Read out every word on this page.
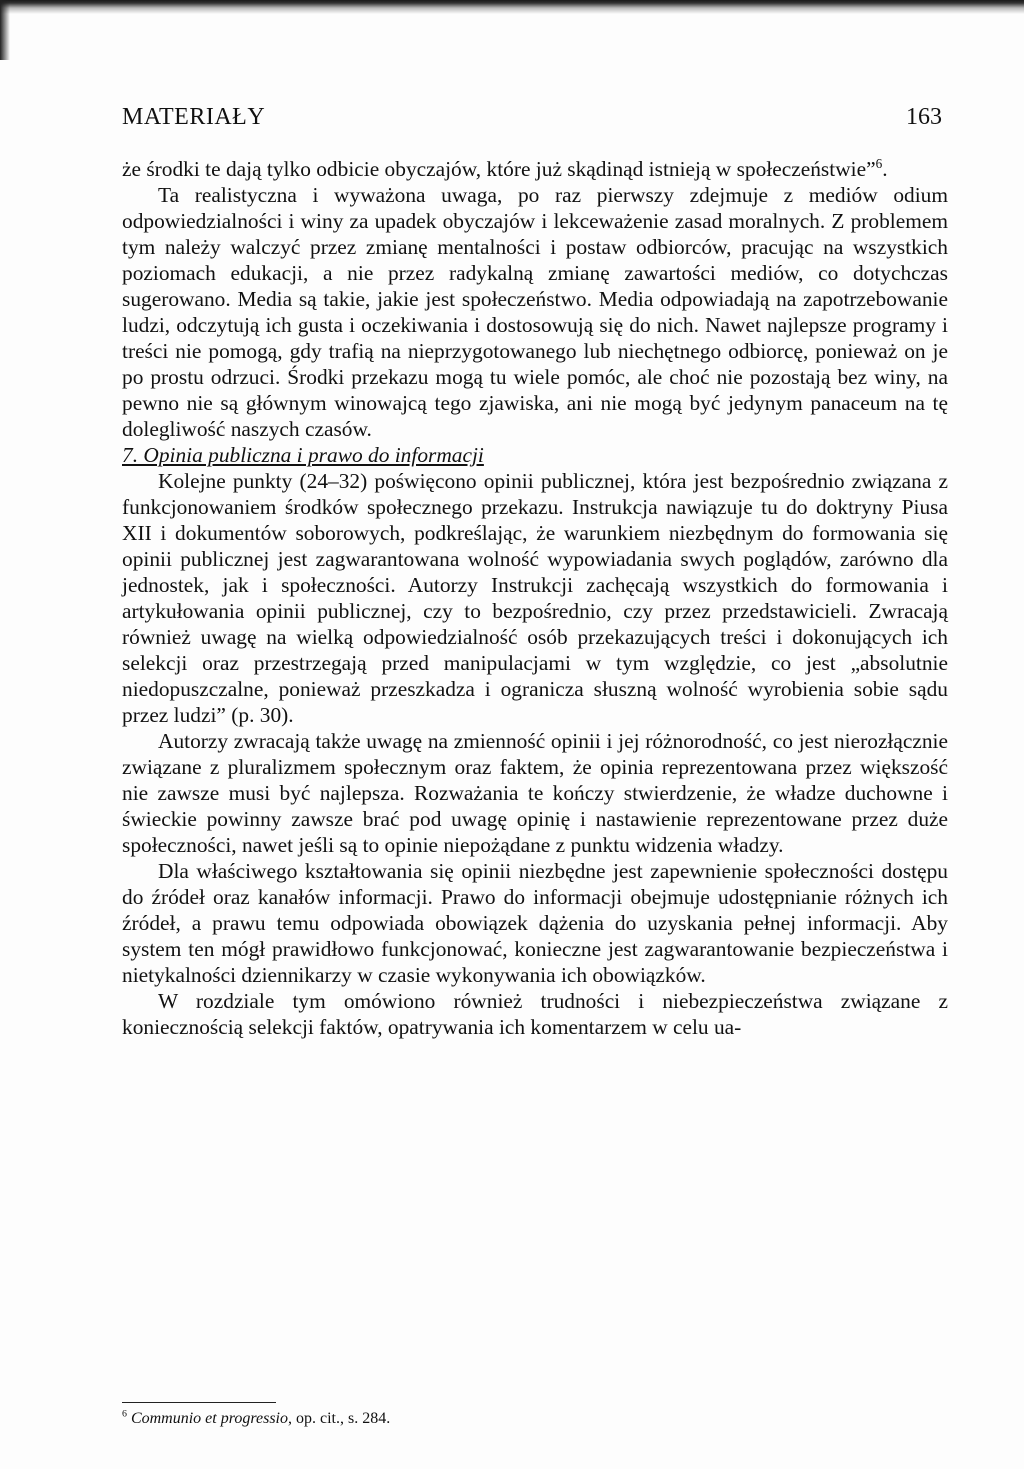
MATERIAŁY	163

że środki te dają tylko odbicie obyczajów, które już skądinąd istnieją w społeczeństwie”$^6$.

Ta realistyczna i wyważona uwaga, po raz pierwszy zdejmuje z mediów odium odpowiedzialności i winy za upadek obyczajów i lekceważenie zasad moralnych. Z problemem tym należy walczyć przez zmianę mentalności i postaw odbiorców, pracując na wszystkich poziomach edukacji, a nie przez radykalną zmianę zawartości mediów, co dotychczas sugerowano. Media są takie, jakie jest społeczeństwo. Media odpowiadają na zapotrzebowanie ludzi, odczytują ich gusta i oczekiwania i dostosowują się do nich. Nawet najlepsze programy i treści nie pomogą, gdy trafią na nieprzygotowanego lub niechętnego odbiorcę, ponieważ on je po prostu odrzuci. Środki przekazu mogą tu wiele pomóc, ale choć nie pozostają bez winy, na pewno nie są głównym winowajcą tego zjawiska, ani nie mogą być jedynym panaceum na tę dolegliwość naszych czasów.

7. Opinia publiczna i prawo do informacji

Kolejne punkty (24–32) poświęcono opinii publicznej, która jest bezpośrednio związana z funkcjonowaniem środków społecznego przekazu. Instrukcja nawiązuje tu do doktryny Piusa XII i dokumentów soborowych, podkreślając, że warunkiem niezbędnym do formowania się opinii publicznej jest zagwarantowana wolność wypowiadania swych poglądów, zarówno dla jednostek, jak i społeczności. Autorzy Instrukcji zachęcają wszystkich do formowania i artykułowania opinii publicznej, czy to bezpośrednio, czy przez przedstawicieli. Zwracają również uwagę na wielką odpowiedzialność osób przekazujących treści i dokonujących ich selekcji oraz przestrzegają przed manipulacjami w tym względzie, co jest „absolutnie niedopuszczalne, ponieważ przeszkadza i ogranicza słuszną wolność wyrobienia sobie sądu przez ludzi” (p. 30).

Autorzy zwracają także uwagę na zmienność opinii i jej różnorodność, co jest nierozłącznie związane z pluralizmem społecznym oraz faktem, że opinia reprezentowana przez większość nie zawsze musi być najlepsza. Rozważania te kończy stwierdzenie, że władze duchowne i świeckie powinny zawsze brać pod uwagę opinię i nastawienie reprezentowane przez duże społeczności, nawet jeśli są to opinie niepożądane z punktu widzenia władzy.

Dla właściwego kształtowania się opinii niezbędne jest zapewnienie społeczności dostępu do źródeł oraz kanałów informacji. Prawo do informacji obejmuje udostępnianie różnych ich źródeł, a prawu temu odpowiada obowiązek dążenia do uzyskania pełnej informacji. Aby system ten mógł prawidłowo funkcjonować, konieczne jest zagwarantowanie bezpieczeństwa i nietykalności dziennikarzy w czasie wykonywania ich obowiązków.

W rozdziale tym omówiono również trudności i niebezpieczeństwa związane z koniecznością selekcji faktów, opatrywania ich komentarzem w celu ua-

$^6$ Communio et progressio, op. cit., s. 284.
